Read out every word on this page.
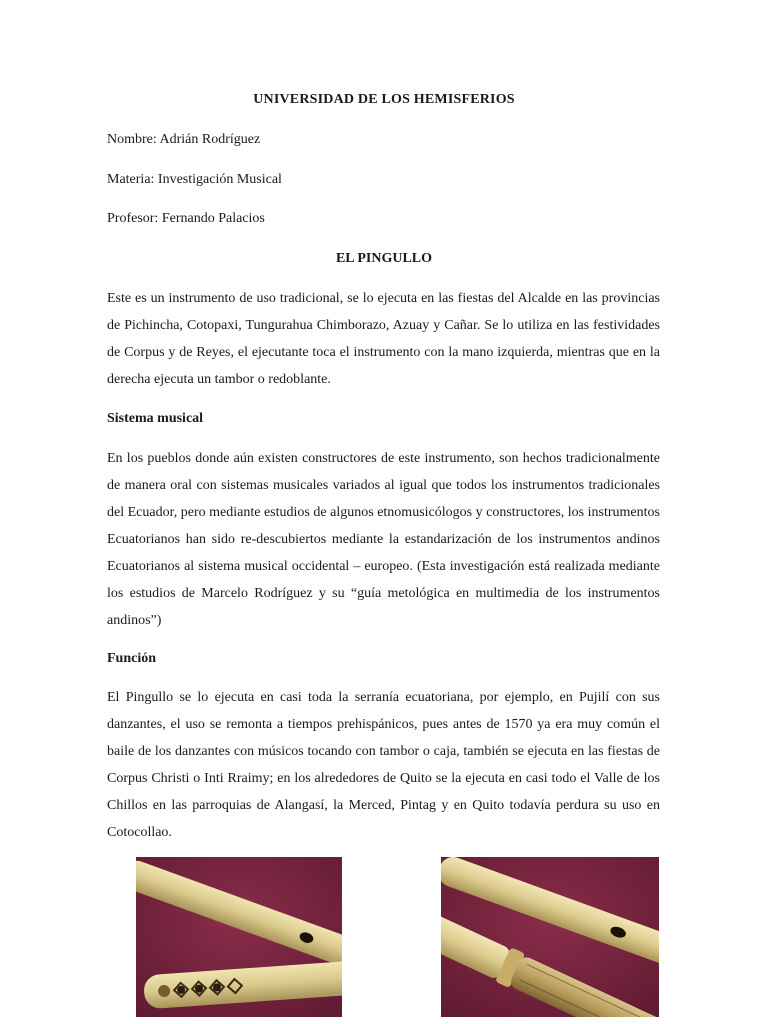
UNIVERSIDAD DE LOS HEMISFERIOS
Nombre: Adrián Rodríguez
Materia: Investigación Musical
Profesor: Fernando Palacios
EL PINGULLO

Este es un instrumento de uso tradicional, se lo ejecuta en las fiestas del Alcalde en las provincias de Pichincha, Cotopaxi, Tungurahua Chimborazo, Azuay y Cañar. Se lo utiliza en las festividades de Corpus y de Reyes, el ejecutante toca el instrumento con la mano izquierda, mientras que en la derecha ejecuta un tambor o redoblante.

Sistema musical

En los pueblos donde aún existen constructores de este instrumento, son hechos tradicionalmente de manera oral con sistemas musicales variados al igual que todos los instrumentos tradicionales del Ecuador, pero mediante estudios de algunos etnomusicólogos y constructores, los instrumentos Ecuatorianos han sido re-descubiertos mediante la estandarización de los instrumentos andinos Ecuatorianos al sistema musical occidental – europeo. (Esta investigación está realizada mediante los estudios de Marcelo Rodríguez y su “guía metológica en multimedia de los instrumentos andinos”)

Función

El Pingullo se lo ejecuta en casi toda la serranía ecuatoriana, por ejemplo, en Pujilí con sus danzantes, el uso se remonta a tiempos prehispánicos, pues antes de 1570 ya era muy común el baile de los danzantes con músicos tocando con tambor o caja, también se ejecuta en las fiestas de Corpus Christi o Inti Rraimy; en los alrededores de Quito se la ejecuta en casi todo el Valle de los Chillos en las parroquias de Alangasí, la Merced, Pintag y en Quito todavía perdura su uso en Cotocollao.
